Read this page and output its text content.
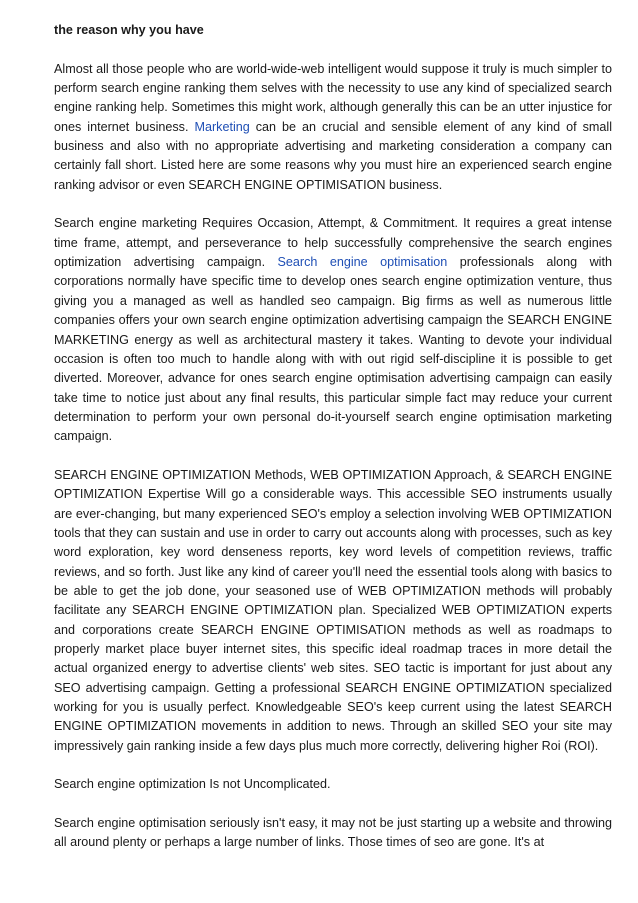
the reason why you have

Almost all those people who are world-wide-web intelligent would suppose it truly is much simpler to perform search engine ranking them selves with the necessity to use any kind of specialized search engine ranking help. Sometimes this might work, although generally this can be an utter injustice for ones internet business. Marketing can be an crucial and sensible element of any kind of small business and also with no appropriate advertising and marketing consideration a company can certainly fall short. Listed here are some reasons why you must hire an experienced search engine ranking advisor or even SEARCH ENGINE OPTIMISATION business.

Search engine marketing Requires Occasion, Attempt, & Commitment. It requires a great intense time frame, attempt, and perseverance to help successfully comprehensive the search engines optimization advertising campaign. Search engine optimisation professionals along with corporations normally have specific time to develop ones search engine optimization venture, thus giving you a managed as well as handled seo campaign. Big firms as well as numerous little companies offers your own search engine optimization advertising campaign the SEARCH ENGINE MARKETING energy as well as architectural mastery it takes. Wanting to devote your individual occasion is often too much to handle along with with out rigid self-discipline it is possible to get diverted. Moreover, advance for ones search engine optimisation advertising campaign can easily take time to notice just about any final results, this particular simple fact may reduce your current determination to perform your own personal do-it-yourself search engine optimisation marketing campaign.

SEARCH ENGINE OPTIMIZATION Methods, WEB OPTIMIZATION Approach, & SEARCH ENGINE OPTIMIZATION Expertise Will go a considerable ways. This accessible SEO instruments usually are ever-changing, but many experienced SEO's employ a selection involving WEB OPTIMIZATION tools that they can sustain and use in order to carry out accounts along with processes, such as key word exploration, key word denseness reports, key word levels of competition reviews, traffic reviews, and so forth. Just like any kind of career you'll need the essential tools along with basics to be able to get the job done, your seasoned use of WEB OPTIMIZATION methods will probably facilitate any SEARCH ENGINE OPTIMIZATION plan. Specialized WEB OPTIMIZATION experts and corporations create SEARCH ENGINE OPTIMISATION methods as well as roadmaps to properly market place buyer internet sites, this specific ideal roadmap traces in more detail the actual organized energy to advertise clients' web sites. SEO tactic is important for just about any SEO advertising campaign. Getting a professional SEARCH ENGINE OPTIMIZATION specialized working for you is usually perfect. Knowledgeable SEO's keep current using the latest SEARCH ENGINE OPTIMIZATION movements in addition to news. Through an skilled SEO your site may impressively gain ranking inside a few days plus much more correctly, delivering higher Roi (ROI).

Search engine optimization Is not Uncomplicated.

Search engine optimisation seriously isn't easy, it may not be just starting up a website and throwing all around plenty or perhaps a large number of links. Those times of seo are gone. It's at
